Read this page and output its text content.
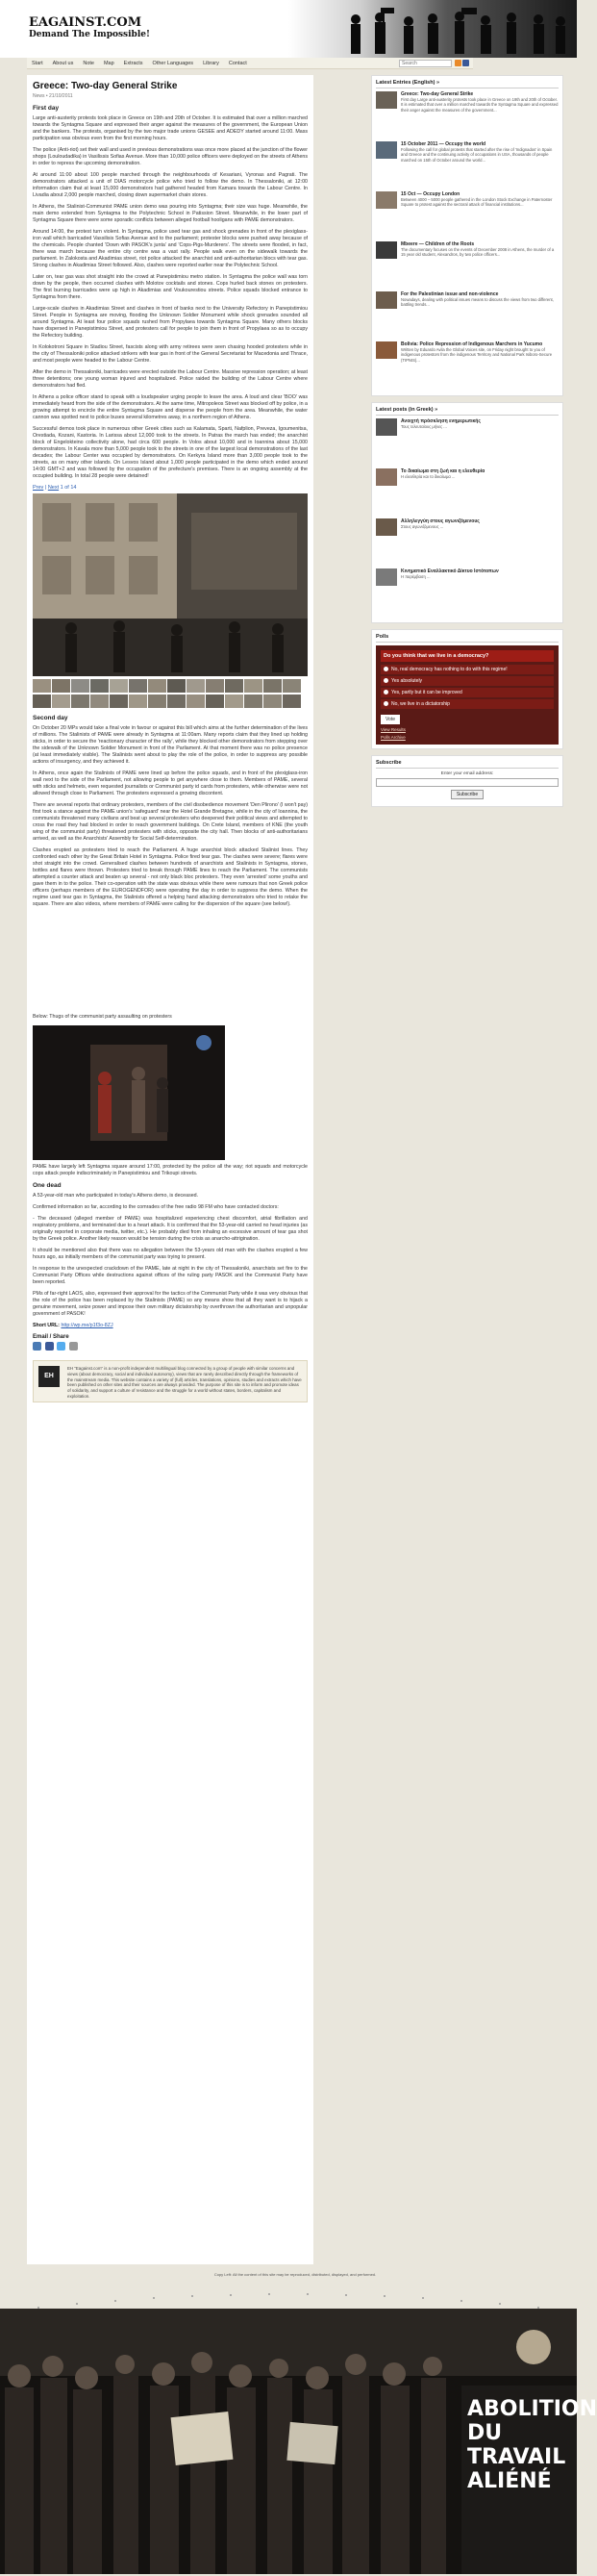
EAGAINST.COM
Demand The Impossible!
Start	About us	Note	Map	Extracts	Other Languages	Library	Contact	Search
Greece: Two-day General Strike
News • 21/10/2011
First day

Large anti-austerity protests took place in Greece on 19th and 20th of October. It is estimated that over a million marched towards the Syntagma Square and expressed their anger against the measures of the government, the European Union and the bankers. The protests, organised by the two major trade unions GESEE and ADEDY started around 11:00. Mass participation was obvious even from the first morning hours.

The police (Anti-riot) set their wall and used in previous demonstrations was once more placed at the junction of the flower shops (Louloudadika) in Vasilissis Sofias Avenue. More than 10,000 police officers were deployed on the streets of Athens in order to repress the upcoming demonstration.

At around 11:00 about 100 people marched through the neighbourhoods of Kesariani, Vyronas and Pagrati. The demonstrators attacked a unit of DIAS motorcycle police who tried to follow the demo. In Thessaloniki, at 12:00 information claim that at least 15,000 demonstrators had gathered headed from Kamara towards the Labour Centre. In Livadia about 2,000 people marched, closing down supermarket chain stores.

In Athens, the Stalinist-Communist PAME union demo was pouring into Syntagma; their size was huge. Meanwhile, the main demo extended from Syntagma to the Polytechnic School in Patission Street. Meanwhile, in the lower part of Syntagma Square there were some sporadic conflicts between alleged football hooligans with PAME demonstrators.

Around 14:00, the protest turn violent. In Syntagma, police used tear gas and shock grenades in front of the plexiglass-iron wall which barricaded Vassilisis Sofias Avenue and to the parliament; protester blocks were pushed away because of the chemicals. People chanted 'Down with PASOK's junta' and 'Cops-Pigs-Murderers'. The streets were flooded, in fact, there was march because the entire city centre was a vast rally. People walk even on the sidewalk towards the parliament. In Zalokosta and Akadimias street, riot police attacked the anarchist and anti-authoritarian blocs with tear gas. Strong clashes in Akadimias Street followed. Also, clashes were reported earlier near the Polytechnic School.

Later on, tear gas was shot straight into the crowd at Panepistimiou metro station. In Syntagma the police wall was torn down by the people, then occurred clashes with Molotov cocktails and stones. Cops hurled back stones on protesters. The first burning barricades were up high in Akadimias and Voukourestiou streets. Police squads blocked entrance to Syntagma from there.

Large-scale clashes in Akadimias Street and clashes in front of banks next to the University Refectory in Panepistimiou Street. People in Syntagma are moving, flooding the Unknown Soldier Monument while shock grenades sounded all around Syntagma. At least four police squads rushed from Propylaea towards Syntagma Square. Many others blocks have dispersed in Panepistimiou Street, and protesters call for people to join them in front of Propylaea so as to occupy the Refectory building.

In Kolokotroni Square in Stadiou Street, fascists along with army retirees were seen chasing hooded protesters while in the city of Thessaloniki police attacked strikers with tear gas in front of the General Secretariat for Macedonia and Thrace, and most people were headed to the Labour Centre.

After the demo in Thessaloniki, barricades were erected outside the Labour Centre. Massive repression operation; at least three detentions; one young woman injured and hospitalized. Police raided the building of the Labour Centre where demonstrators had fled.

In Athens a police officer stand to speak with a loudspeaker urging people to leave the area. A loud and clear 'BOO' was immediately heard from the side of the demonstrators. At the same time, Mitropoleos Street was blocked off by police, in a growing attempt to encircle the entire Syntagma Square and disperse the people from the area. Meanwhile, the water cannon was spotted next to police buses several kilometres away, in a northern region of Athens.

Successful demos took place in numerous other Greek cities such as Kalamata, Sparti, Nafplion, Preveza, Igoumenitsa, Orestiada, Kozani, Kastoria. In Larissa about 12,000 took to the streets. In Patras the march has ended; the anarchist block of Engelokteino collectivity alone, had circa 600 people. In Volos about 10,000 and in Ioannina about 15,000 demonstrators. In Kavala more than 5,000 people took to the streets in one of the largest local demonstrations of the last decades; the Labour Center was occupied by demonstrators. On Kerkyra Island more than 3,000 people took to the streets, as on many other islands. On Lesvos Island about 1,000 people participated in the demo which ended around 14:00 GMT+2 and was followed by the occupation of the prefecture's premises. There is an ongoing assembly at the occupied building. In total 28 people were detained!

Prev | Next 1 of 14
Second day

On October 20 MPs would take a final vote in favour or against this bill which aims at the further determination of the lives of millions. The Stalinists of PAME were already in Syntagma at 11:00am. Many reports claim that they lined up holding sticks, in order to secure the 'reactionary character of the rally', while they blocked other demonstrators from stepping over the sidewalk of the Unknown Soldier Monument in front of the Parliament. At that moment there was no police presence (at least immediately visible). The Stalinists went about to play the role of the police, in order to suppress any possible actions of insurgency, and they achieved it.

In Athens, once again the Stalinists of PAME were lined up before the police squads, and in front of the plexiglass-iron wall next to the side of the Parliament, not allowing people to get anywhere close to them. Members of PAME, several with sticks and helmets, even requested journalists or Communist party id cards from protesters, while otherwise were not allowed through close to Parliament. The protesters expressed a growing discontent.

There are several reports that ordinary protesters, members of the civil disobedience movement 'Den Plirono' (I won't pay) first took a stance against the PAME union's 'safeguard' near the Hotel Grande Bretagne, while in the city of Ioannina, the communists threatened many civilians and beat up several protesters who deepened their political views and attempted to cross the road they had blocked in order to reach government buildings. On Crete Island, members of KNE (the youth wing of the communist party) threatened protesters with sticks, opposite the city hall. Then blocks of anti-authoritarians arrived, as well as the Anarchists' Assembly for Social Self-determination.

Clashes erupted as protesters tried to reach the Parliament. A huge anarchist block attacked Stalinist lines. They confronted each other by the Great Britain Hotel in Syntagma. Police fired tear gas. The clashes were severe; flares were shot straight into the crowd. Generalised clashes between hundreds of anarchists and Stalinists in Syntagma, stones, bottles and flares were thrown. Protesters tried to break through PAME lines to reach the Parliament. The communists attempted a counter attack and beaten up several - not only black bloc protesters. They even 'arrested' some youths and gave them in to the police. Their co-operation with the state was obvious while there were rumours that non Greek police officers (perhaps members of the EUROGENDFOR) were operating the day in order to suppress the demo. When the regime used tear gas in Syntagma, the Stalinists offered a helping hand attacking demonstrators who tried to retake the square. There are also videos, where members of PAME were calling for the dispersion of the square (see below!).

Below: Thugs of the communist party assaulting on protesters

PAME have largely left Syntagma square around 17:00, protected by the police all the way; riot squads and motorcycle cops attack people indiscriminately in Panepistimiou and Trikoupi streets.

One dead

A 53-year-old man who participated in today's Athens demo, is deceased.

Confirmed information so far, according to the comrades of the free radio 98 FM who have contacted doctors:

- The deceased (alleged member of PAME) was hospitalized experiencing chest discomfort, atrial fibrillation and respiratory problems, and terminated due to a heart attack. It is confirmed that the 53-year-old carried no head injuries (as originally reported in corporate media, twitter, etc.). He probably died from inhaling an excessive amount of tear gas shot by the Greek police. Another likely reason would be tension during the crisis as anarcho-attrigination.

It should be mentioned also that there was no allegation between the 53-years old man with the clashes erupted a few hours ago, as initially members of the communist party was trying to present.

In response to the unexpected crackdown of the PAME, late at night in the city of Thessaloniki, anarchists set fire to the Communist Party Offices while destructions against offices of the ruling party PASOK and the Communist Party have been reported.

PMs of far-right LAOS, also, expressed their approval for the tactics of the Communist Party while it was very obvious that the role of the police has been replaced by the Stalinists (PAME) so any means show that all they want is to hijack a genuine movement, seize power and impose their own military dictatorship by overthrown the authoritarian and unpopular government of PASOK!

Short URL: http://wp.me/p1f3o-8ZJ

Email / Share

EH
EH "Eagainst.com" is a non-profit independent multilingual blog connected by a group of people with similar concerns and views (about democracy, social and individual autonomy), views that are rarely described directly through the frameworks of the mainstream media. This website contains a variety of (full) articles, translations, opinions, studies and extracts which have been published on other sites and their sources are always provided. The purpose of this site is to inform and promote ideas of solidarity, and support a culture of resistance and the struggle for a world without states, borders, capitalism and exploitation.
Latest Entries (English) »
Greece: Two-day General Strike
First day Large anti-austerity protests took place in Greece on 19th and 20th of October. It is estimated that over a million marched towards the Syntagma Square and expressed their anger against the measures of the government...
15 October 2011 — Occupy the world
Following the call for global protests that started after the rise of 'Indignados' in Spain and Greece and the continuing activity of occupations in USA, thousands of people marched on 15th of October around the world...
15 Oct — Occupy London
Between 4000 – 5000 people gathered in the London Stock Exchange in Paternoster Square to protest against the sectoral attack of financial institutions...
Mbeere — Children of the Roots
The documentary focuses on the events of December 2008 in Athens, the murder of a 15 year old student, Alexandros, by two police officers...
For the Palestinian issue and non-violence
Nowadays, dealing with political issues means to discuss the views from two different, battling trends...
Bolivia: Police Repression of Indigenous Marchers in Yucumo
Written by Eduardo Avila the Global Voices site, on Friday night brought to you of indigenous protestors from the indigenous Territory and National Park Isiboro-Secure (TIPNIS)...
Latest posts (in Greek) »
Ανοιχτή πρόσκληση ενημερωτικής
Τους τελευταίους μήνες ...
Το δικαίωμα στη ζωή και η ελευθερία
Η ελευθερία και το δικαίωμα ...
Αλληλεγγύη στους αγωνιζόμενους
Στους αγωνιζόμενους ...
Κινηματικό Εναλλακτικό Δίκτυο Ιστότοπων
Η παρέμβαση ...
Polls
Do you think that we live in a democracy?
No, real democracy has nothing to do with this regime!
Yes absolutely
Yes, partly but it can be improved
No, we live in a dictatorship
Vote
View Results
Polls Archive
Subscribe
Enter your email address:
Subscribe
Copy Left: All the content of this site may be reproduced, distributed, displayed, and performed.
ABOLITION DU TRAVAIL ALIÉNÉ
